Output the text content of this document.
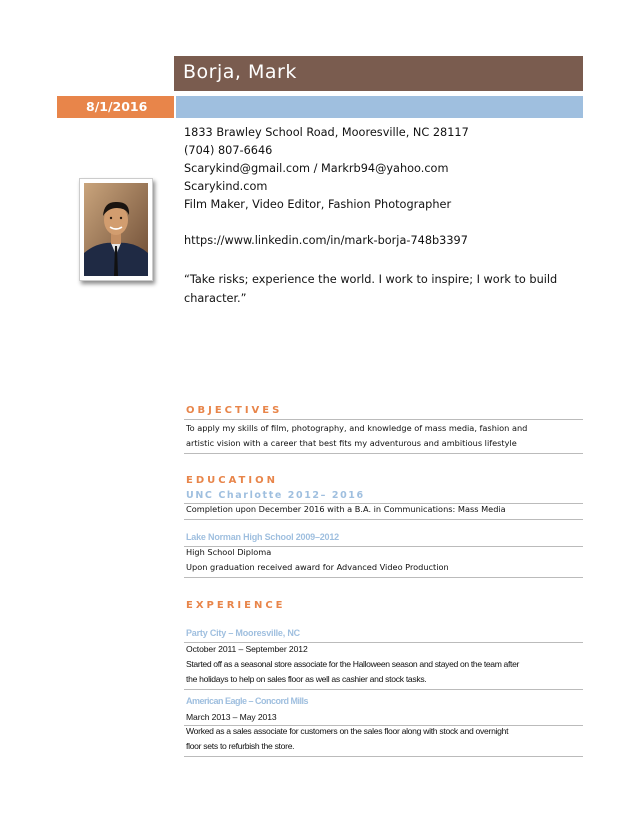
Borja, Mark
8/1/2016
1833 Brawley School Road, Mooresville, NC 28117
(704) 807-6646
Scarykind@gmail.com / Markrb94@yahoo.com
Scarykind.com
Film Maker, Video Editor, Fashion Photographer
https://www.linkedin.com/in/mark-borja-748b3397
“Take risks; experience the world. I work to inspire; I work to build character.”
OBJECTIVES
To apply my skills of film, photography, and knowledge of mass media, fashion and
artistic vision with a career that best fits my adventurous and ambitious lifestyle
EDUCATION
UNC Charlotte 2012– 2016
Completion upon December 2016 with a B.A. in Communications: Mass Media
Lake Norman High School 2009–2012
High School Diploma
Upon graduation received award for Advanced Video Production
EXPERIENCE
Party City – Mooresville, NC
October 2011 – September 2012
Started off as a seasonal store associate for the Halloween season and stayed on the team after
the holidays to help on sales floor as well as cashier and stock tasks.
American Eagle – Concord Mills
March 2013 – May 2013
Worked as a sales associate for customers on the sales floor along with stock and overnight
floor sets to refurbish the store.
